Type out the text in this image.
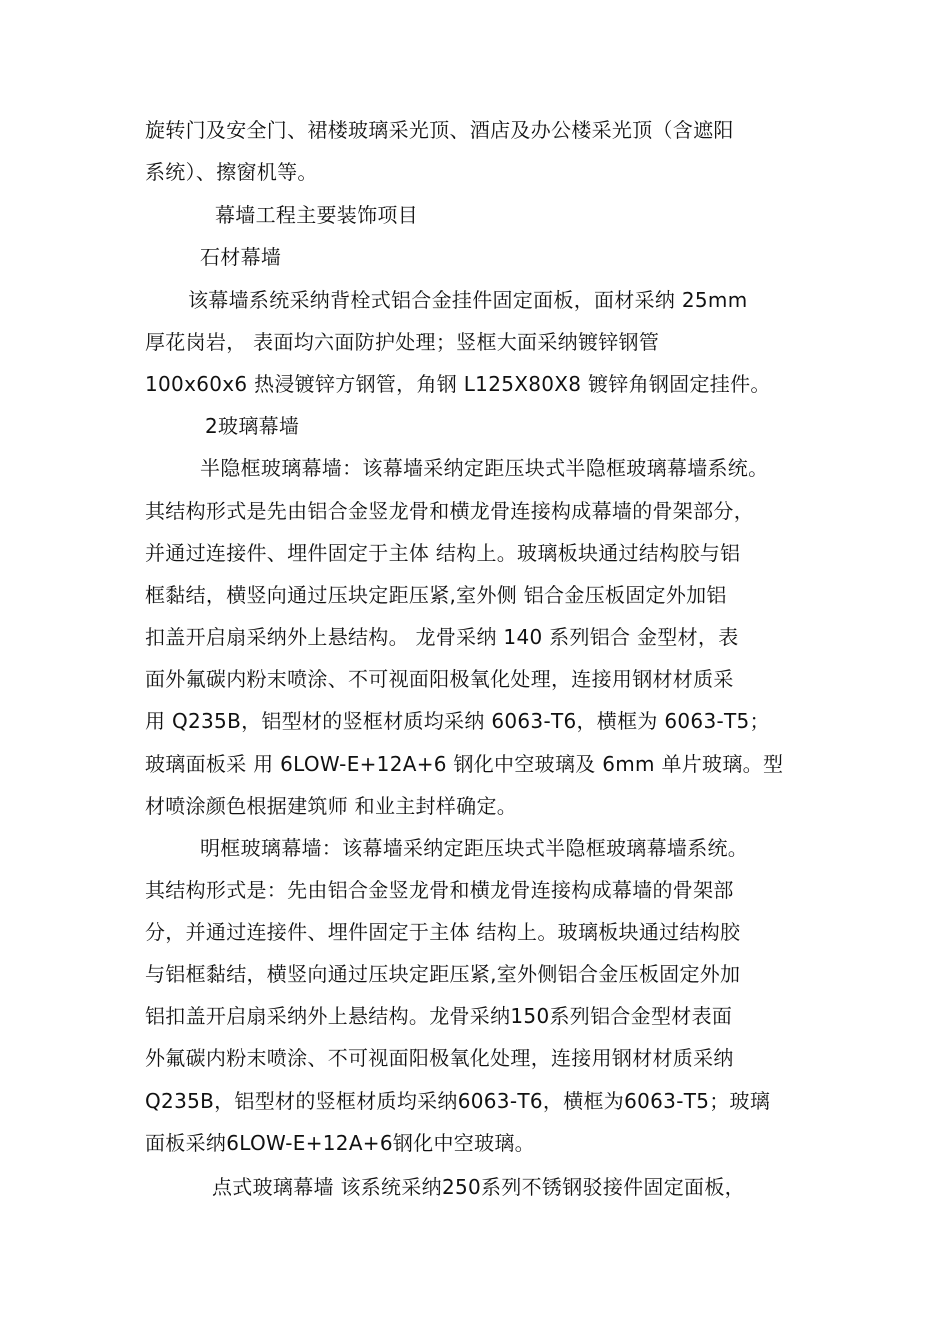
旋转门及安全门、裙楼玻璃采光顶、酒店及办公楼采光顶（含遮阳
系统）、擦窗机等。
幕墙工程主要装饰项目
石材幕墙
该幕墙系统采纳背栓式铝合金挂件固定面板，面材采纳 25mm
厚花岗岩， 表面均六面防护处理；竖框大面采纳镀锌钢管
100x60x6 热浸镀锌方钢管，角钢 L125X80X8 镀锌角钢固定挂件。
2玻璃幕墙
半隐框玻璃幕墙：该幕墙采纳定距压块式半隐框玻璃幕墙系统。
其结构形式是先由铝合金竖龙骨和横龙骨连接构成幕墙的骨架部分，
并通过连接件、埋件固定于主体 结构上。玻璃板块通过结构胶与铝
框黏结，横竖向通过压块定距压紧,室外侧 铝合金压板固定外加铝
扣盖开启扇采纳外上悬结构。 龙骨采纳 140 系列铝合 金型材，表
面外氟碳内粉末喷涂、不可视面阳极氧化处理，连接用钢材材质采
用 Q235B，铝型材的竖框材质均采纳 6063-T6，横框为 6063-T5；
玻璃面板采 用 6LOW-E+12A+6 钢化中空玻璃及 6mm 单片玻璃。型
材喷涂颜色根据建筑师 和业主封样确定。
明框玻璃幕墙：该幕墙采纳定距压块式半隐框玻璃幕墙系统。
其结构形式是：先由铝合金竖龙骨和横龙骨连接构成幕墙的骨架部
分，并通过连接件、埋件固定于主体 结构上。玻璃板块通过结构胶
与铝框黏结，横竖向通过压块定距压紧,室外侧铝合金压板固定外加
铝扣盖开启扇采纳外上悬结构。龙骨采纳150系列铝合金型材表面
外氟碳内粉末喷涂、不可视面阳极氧化处理，连接用钢材材质采纳
Q235B，铝型材的竖框材质均采纳6063-T6，横框为6063-T5；玻璃
面板采纳6LOW-E+12A+6钢化中空玻璃。
点式玻璃幕墙 该系统采纳250系列不锈钢驳接件固定面板，
